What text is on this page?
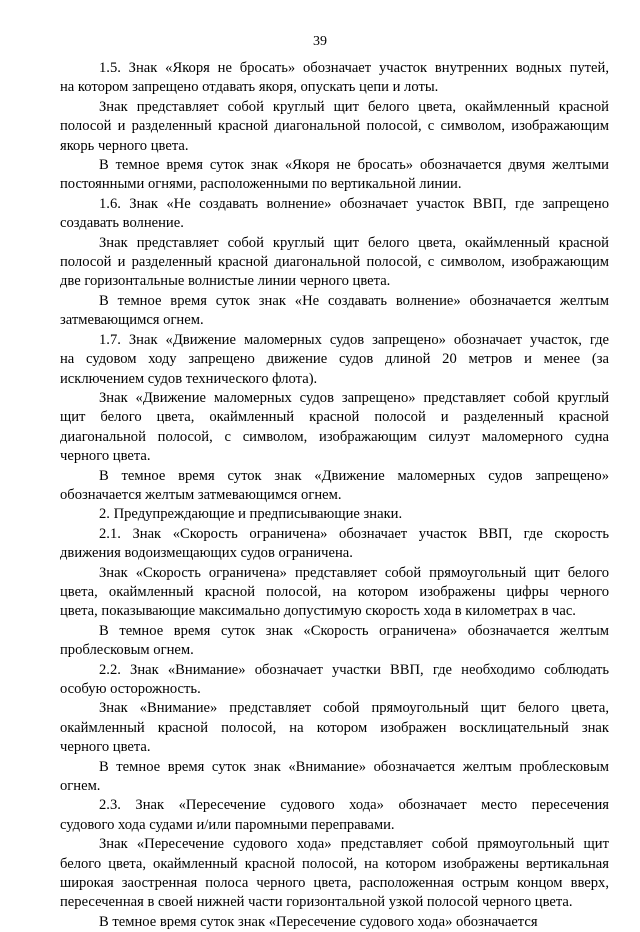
39
1.5. Знак «Якоря не бросать» обозначает участок внутренних водных путей,
на котором запрещено отдавать якоря, опускать цепи и лоты.
Знак представляет собой круглый щит белого цвета, окаймленный красной
полосой и разделенный красной диагональной полосой, с символом, изображающим
якорь черного цвета.
В темное время суток знак «Якоря не бросать» обозначается двумя желтыми
постоянными огнями, расположенными по вертикальной линии.
1.6. Знак «Не создавать волнение» обозначает участок ВВП, где запрещено
создавать волнение.
Знак представляет собой круглый щит белого цвета, окаймленный красной
полосой и разделенный красной диагональной полосой, с символом, изображающим
две горизонтальные волнистые линии черного цвета.
В темное время суток знак «Не создавать волнение» обозначается желтым
затмевающимся огнем.
1.7. Знак «Движение маломерных судов запрещено» обозначает участок, где
на судовом ходу запрещено движение судов длиной 20 метров и менее (за
исключением судов технического флота).
Знак «Движение маломерных судов запрещено» представляет собой круглый
щит белого цвета, окаймленный красной полосой и разделенный красной
диагональной полосой, с символом, изображающим силуэт маломерного судна
черного цвета.
В темное время суток знак «Движение маломерных судов запрещено»
обозначается желтым затмевающимся огнем.
2. Предупреждающие и предписывающие знаки.
2.1. Знак «Скорость ограничена» обозначает участок ВВП, где скорость
движения водоизмещающих судов ограничена.
Знак «Скорость ограничена» представляет собой прямоугольный щит белого
цвета, окаймленный красной полосой, на котором изображены цифры черного
цвета, показывающие максимально допустимую скорость хода в километрах в час.
В темное время суток знак «Скорость ограничена» обозначается желтым
проблесковым огнем.
2.2. Знак «Внимание» обозначает участки ВВП, где необходимо соблюдать
особую осторожность.
Знак «Внимание» представляет собой прямоугольный щит белого цвета,
окаймленный красной полосой, на котором изображен восклицательный знак
черного цвета.
В темное время суток знак «Внимание» обозначается желтым проблесковым
огнем.
2.3. Знак «Пересечение судового хода» обозначает место пересечения
судового хода судами и/или паромными переправами.
Знак «Пересечение судового хода» представляет собой прямоугольный щит
белого цвета, окаймленный красной полосой, на котором изображены вертикальная
широкая заостренная полоса черного цвета, расположенная острым концом вверх,
пересеченная в своей нижней части горизонтальной узкой полосой черного цвета.
В темное время суток знак «Пересечение судового хода» обозначается
